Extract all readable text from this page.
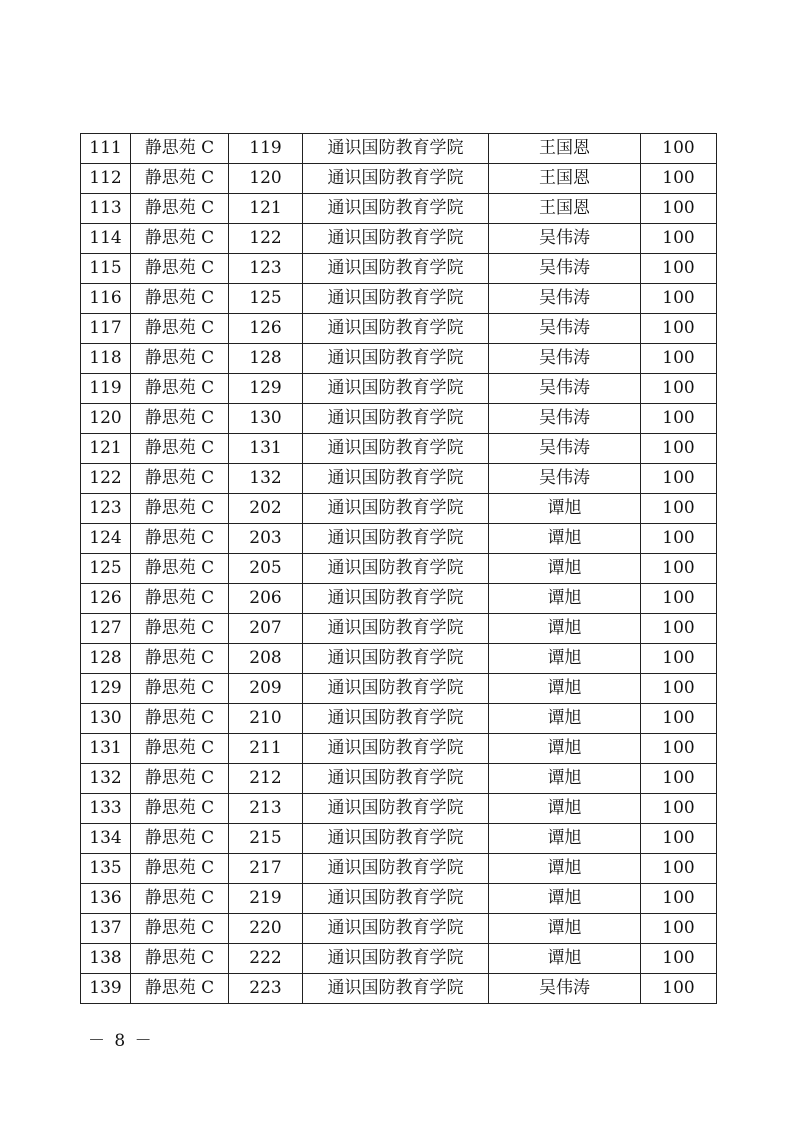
111	静思苑 C	119	通识国防教育学院	王国恩	100
112	静思苑 C	120	通识国防教育学院	王国恩	100
113	静思苑 C	121	通识国防教育学院	王国恩	100
114	静思苑 C	122	通识国防教育学院	吴伟涛	100
115	静思苑 C	123	通识国防教育学院	吴伟涛	100
116	静思苑 C	125	通识国防教育学院	吴伟涛	100
117	静思苑 C	126	通识国防教育学院	吴伟涛	100
118	静思苑 C	128	通识国防教育学院	吴伟涛	100
119	静思苑 C	129	通识国防教育学院	吴伟涛	100
120	静思苑 C	130	通识国防教育学院	吴伟涛	100
121	静思苑 C	131	通识国防教育学院	吴伟涛	100
122	静思苑 C	132	通识国防教育学院	吴伟涛	100
123	静思苑 C	202	通识国防教育学院	谭旭	100
124	静思苑 C	203	通识国防教育学院	谭旭	100
125	静思苑 C	205	通识国防教育学院	谭旭	100
126	静思苑 C	206	通识国防教育学院	谭旭	100
127	静思苑 C	207	通识国防教育学院	谭旭	100
128	静思苑 C	208	通识国防教育学院	谭旭	100
129	静思苑 C	209	通识国防教育学院	谭旭	100
130	静思苑 C	210	通识国防教育学院	谭旭	100
131	静思苑 C	211	通识国防教育学院	谭旭	100
132	静思苑 C	212	通识国防教育学院	谭旭	100
133	静思苑 C	213	通识国防教育学院	谭旭	100
134	静思苑 C	215	通识国防教育学院	谭旭	100
135	静思苑 C	217	通识国防教育学院	谭旭	100
136	静思苑 C	219	通识国防教育学院	谭旭	100
137	静思苑 C	220	通识国防教育学院	谭旭	100
138	静思苑 C	222	通识国防教育学院	谭旭	100
139	静思苑 C	223	通识国防教育学院	吴伟涛	100
－ 8 －
